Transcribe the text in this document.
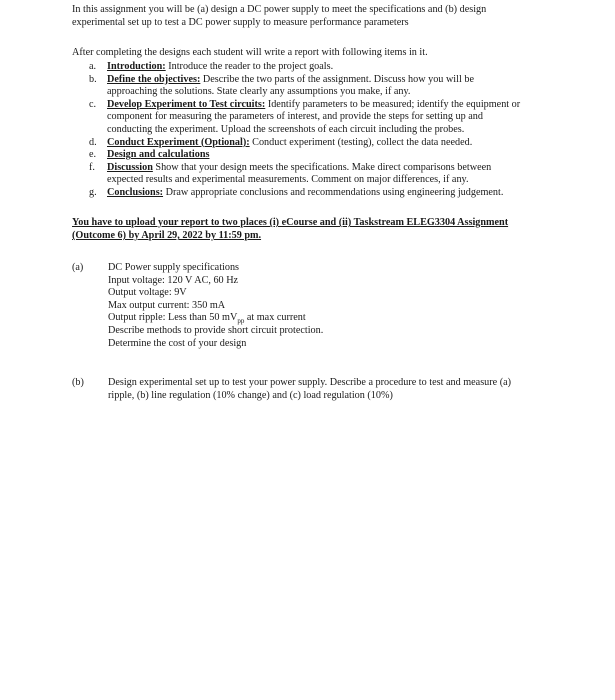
In this assignment you will be (a) design a DC power supply to meet the specifications and (b) design
experimental set up to test a DC power supply to measure performance parameters
After completing the designs each student will write a report with following items in it.
a.	Introduction: Introduce the reader to the project goals.
b.	Define the objectives: Describe the two parts of the assignment. Discuss how you will be
approaching the solutions. State clearly any assumptions you make, if any.
c.	Develop Experiment to Test circuits: Identify parameters to be measured; identify the equipment or
component for measuring the parameters of interest, and provide the steps for setting up and
conducting the experiment. Upload the screenshots of each circuit including the probes.
d.	Conduct Experiment (Optional): Conduct experiment (testing), collect the data needed.
e.	Design and calculations
f.	Discussion Show that your design meets the specifications. Make direct comparisons between
expected results and experimental measurements. Comment on major differences, if any.
g.	Conclusions: Draw appropriate conclusions and recommendations using engineering judgement.
You have to upload your report to two places (i) eCourse and (ii) Taskstream ELEG3304 Assignment
(Outcome 6) by April 29, 2022 by 11:59 pm.
(a)	DC Power supply specifications
Input voltage: 120 V AC, 60 Hz
Output voltage: 9V
Max output current: 350 mA
Output ripple: Less than 50 $mV_{pp}$ at max current
Describe methods to provide short circuit protection.
Determine the cost of your design
(b)	Design experimental set up to test your power supply. Describe a procedure to test and measure (a)
ripple, (b) line regulation (10% change) and (c) load regulation (10%)
